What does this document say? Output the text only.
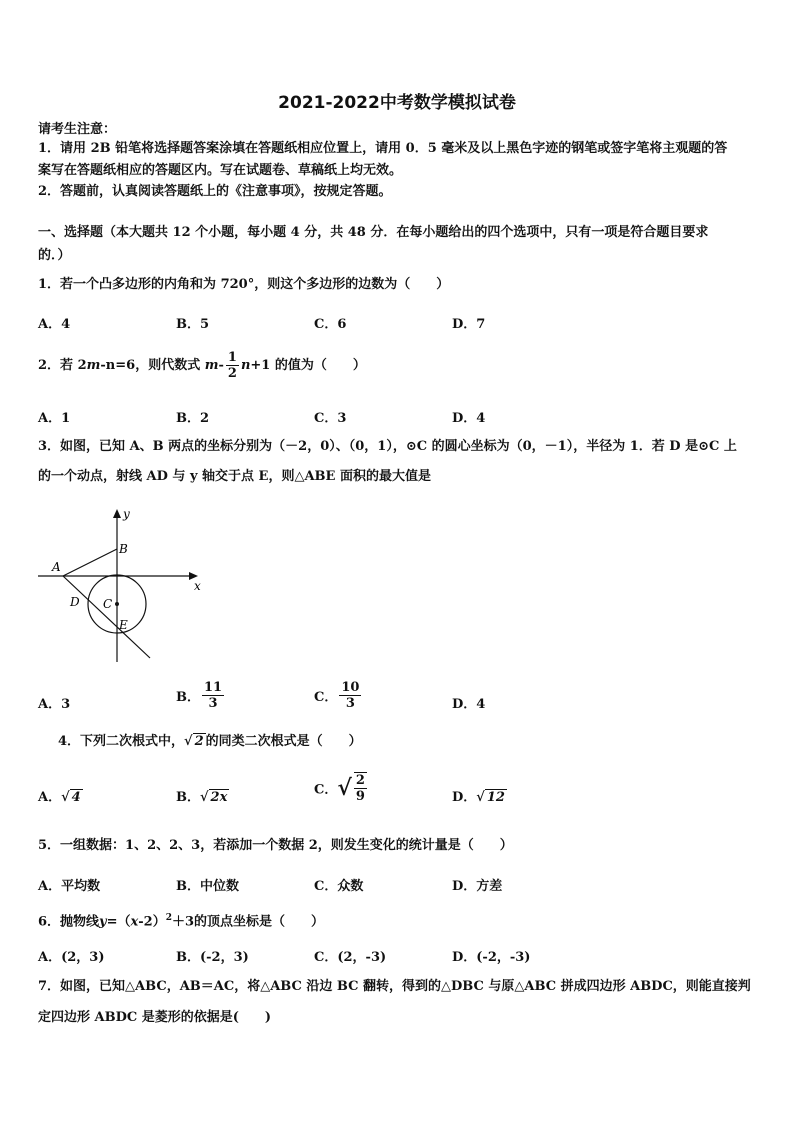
2021-2022中考数学模拟试卷
请考生注意：
1．请用 2B 铅笔将选择题答案涂填在答题纸相应位置上，请用 0．5 毫米及以上黑色字迹的钢笔或签字笔将主观题的答
案写在答题纸相应的答题区内。写在试题卷、草稿纸上均无效。
2．答题前，认真阅读答题纸上的《注意事项》，按规定答题。
一、选择题（本大题共 12 个小题，每小题 4 分，共 48 分．在每小题给出的四个选项中，只有一项是符合题目要求
的．）
1．若一个凸多边形的内角和为 720°，则这个多边形的边数为（　　）
A．4	B．5	C．6	D．7
2．若 2m-n=6，则代数式 $m- \frac{1}{2} n+1$ 的值为（　　）
A．1	B．2	C．3	D．4
3．如图，已知 A、B 两点的坐标分别为（－2，0）、（0，1），⊙C 的圆心坐标为（0，－1），半径为 1．若 D 是⊙C 上
的一个动点，射线 AD 与 y 轴交于点 E，则△ABE 面积的最大值是
y
x
A
B
C
D
E
A．3	B． $\frac{11}{3}$	C． $\frac{10}{3}$	D．4
4．下列二次根式中，√ 2 的同类二次根式是（　　）
A．√ 4	B．√ 2x	C．√ $\frac{2}{9}$	D．√ 12
5．一组数据：1、2、2、3，若添加一个数据 2，则发生变化的统计量是（　　）
A．平均数	B．中位数	C．众数	D．方差
6．抛物线$y=(x-2)^2+3$的顶点坐标是（　　）
A．(2，3)	B．(-2，3)	C．(2，-3)	D．(-2，-3)
7．如图，已知△ABC，AB＝AC，将△ABC 沿边 BC 翻转，得到的△DBC 与原△ABC 拼成四边形 ABDC，则能直接判
定四边形 ABDC 是菱形的依据是(　　)
